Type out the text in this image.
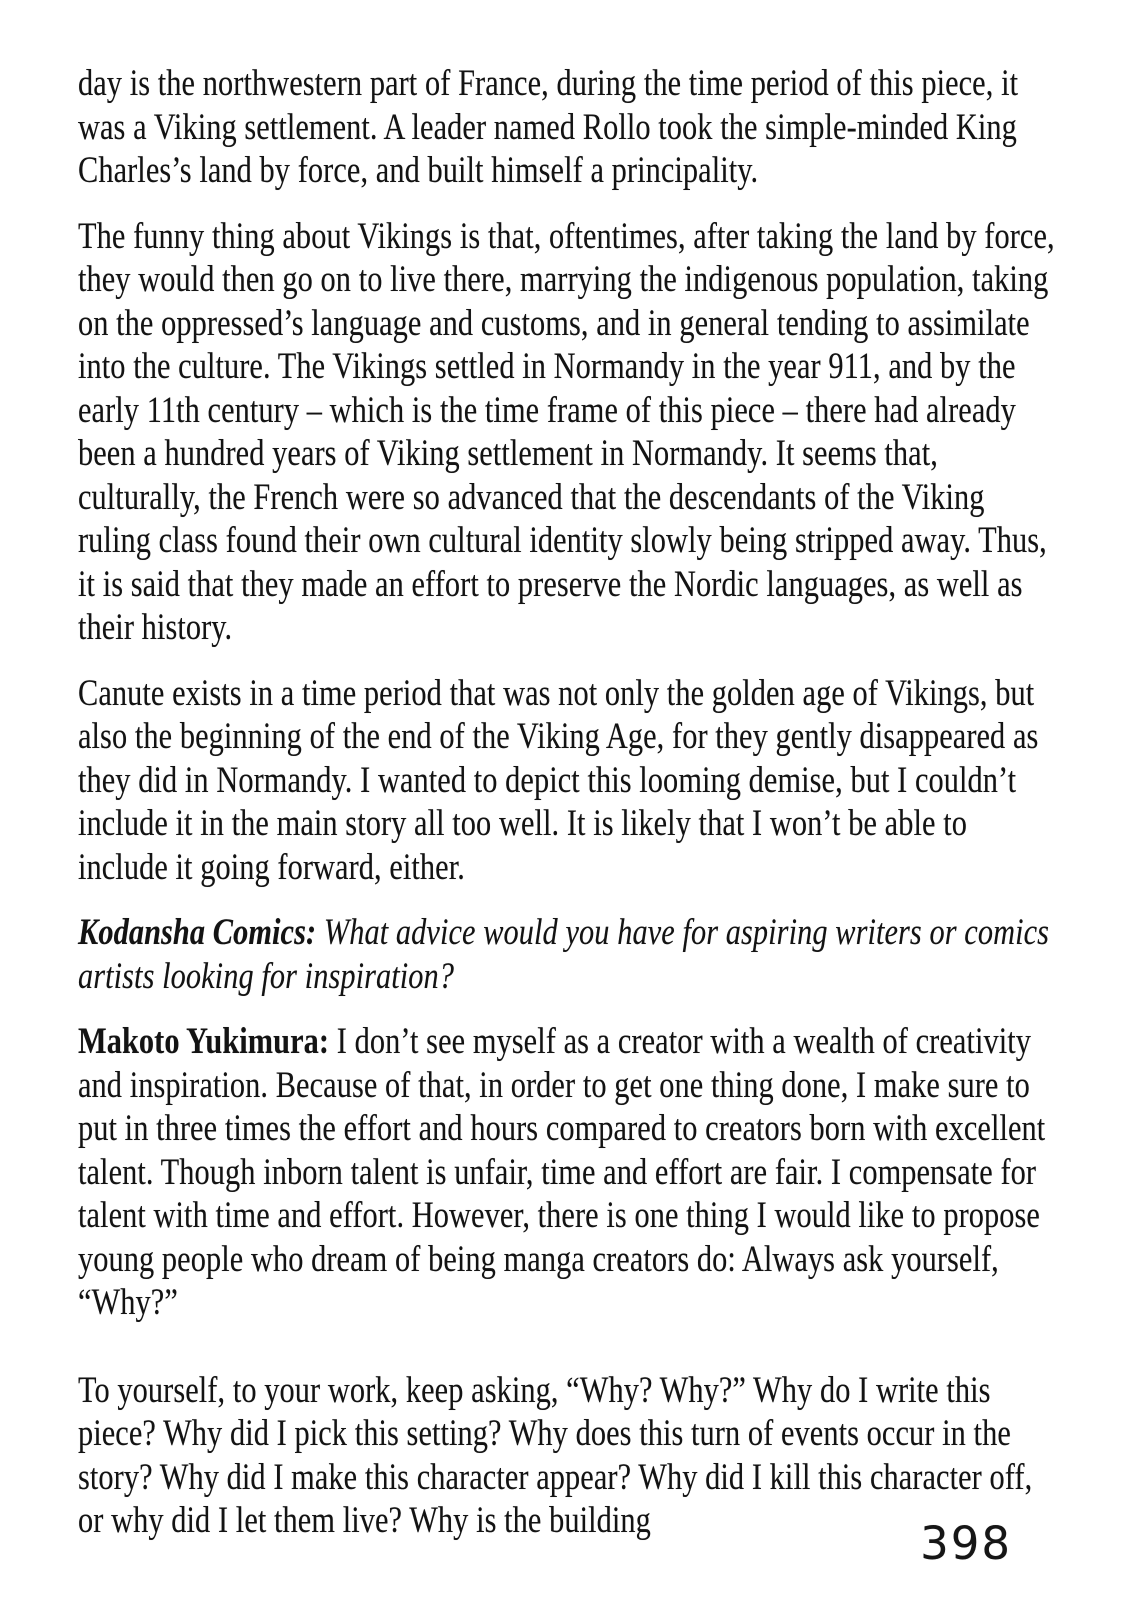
day is the northwestern part of France, during the time period of this piece, it was a Viking settlement. A leader named Rollo took the simple-minded King Charles’s land by force, and built himself a principality.

The funny thing about Vikings is that, oftentimes, after taking the land by force, they would then go on to live there, marrying the indigenous population, taking on the oppressed’s language and customs, and in general tending to assimilate into the culture. The Vikings settled in Normandy in the year 911, and by the early 11th century – which is the time frame of this piece – there had already been a hundred years of Viking settlement in Normandy. It seems that, culturally, the French were so advanced that the descendants of the Viking ruling class found their own cultural identity slowly being stripped away. Thus, it is said that they made an effort to preserve the Nordic languages, as well as their history.

Canute exists in a time period that was not only the golden age of Vikings, but also the beginning of the end of the Viking Age, for they gently disappeared as they did in Normandy. I wanted to depict this looming demise, but I couldn’t include it in the main story all too well. It is likely that I won’t be able to include it going forward, either.

Kodansha Comics: What advice would you have for aspiring writers or comics artists looking for inspiration?

Makoto Yukimura: I don’t see myself as a creator with a wealth of creativity and inspiration. Because of that, in order to get one thing done, I make sure to put in three times the effort and hours compared to creators born with excellent talent. Though inborn talent is unfair, time and effort are fair. I compensate for talent with time and effort. However, there is one thing I would like to propose young people who dream of being manga creators do: Always ask yourself, “Why?”

To yourself, to your work, keep asking, “Why? Why?” Why do I write this piece? Why did I pick this setting? Why does this turn of events occur in the story? Why did I make this character appear? Why did I kill this character off, or why did I let them live? Why is the building	398
